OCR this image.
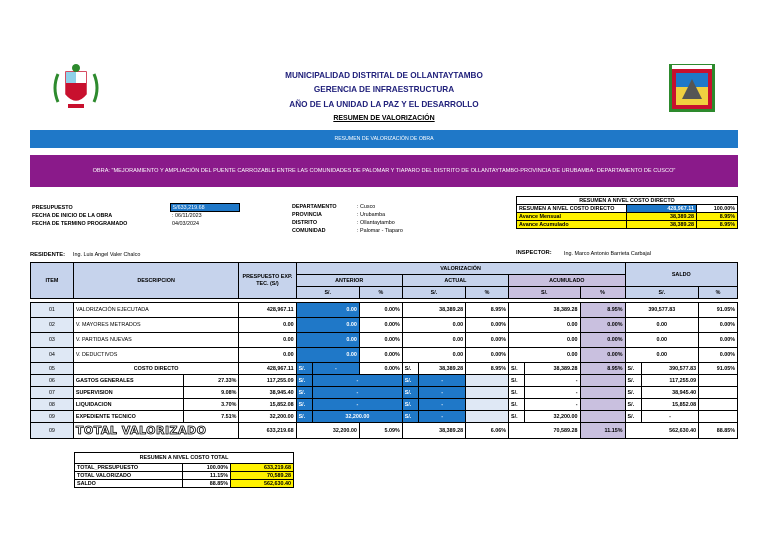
MUNICIPALIDAD DISTRITAL DE OLLANTAYTAMBO
GERENCIA DE INFRAESTRUCTURA
AÑO DE LA UNIDAD LA PAZ Y EL DESARROLLO
RESUMEN DE VALORIZACIÓN
RESUMEN DE VALORIZACIÓN DE OBRA
OBRA: "MEJORAMIENTO Y AMPLIACIÓN DEL PUENTE CARROZABLE ENTRE LAS COMUNIDADES DE PALOMAR Y TIAPARO DEL DISTRITO DE OLLANTAYTAMBO-PROVINCIA DE URUBAMBA- DEPARTAMENTO DE CUSCO"
PRESUPUESTO	S/633,219.68
FECHA DE INICIO DE LA OBRA	: 06/11/2023
FECHA DE TERMINO PROGRAMADO	04/03/2024
DEPARTAMENTO	: Cusco
PROVINCIA	: Urubamba
DISTRITO	: Ollantaytambo
COMUNIDAD	: Palomar - Tiaparo
RESUMEN A NIVEL COSTO DIRECTO		
RESUMEN A NIVEL COSTO DIRECTO	428,967.11	100.00%
Avance Mensual	38,389.28	8.95%
Avance Acumulado	38,389.28	8.95%
RESIDENTE: Ing. Luis Angel Valer Chalco	INSPECTOR: Ing. Marco Antonio Barrieta Carbajal
ITEM	DESCRIPCION		PRESPUESTO EXP. TEC. (S/)	VALORIZACIÓN									SALDO		
				ANTERIOR			ACTUAL			ACUMULADO					
				S/.		%	S/.		%	S/.		%	S/.		%

01	VALORIZACIÓN EJECUTADA		428,967.11	0.00		0.00%	38,389.28		8.95%	38,389.28		8.95%	390,577.83		91.05%
02	V. MAYORES METRADOS		0.00	0.00		0.00%	0.00		0.00%	0.00		0.00%	0.00		0.00%
03	V. PARTIDAS NUEVAS		0.00	0.00		0.00%	0.00		0.00%	0.00		0.00%	0.00		0.00%
04	V. DEDUCTIVOS		0.00	0.00		0.00%	0.00		0.00%	0.00		0.00%	0.00		0.00%
05	COSTO DIRECTO		428,967.11	S/.	-	0.00%	S/.	38,389.28	8.95%	S/.	38,389.28	8.95%	S/.	390,577.83	91.05%
06	GASTOS GENERALES	27.33%	117,255.09	S/.	-		S/.	-		S/.	-		S/.	117,255.09	
07	SUPERVISION	9.08%	38,945.40	S/.	-		S/.	-		S/.	-		S/.	38,945.40	
08	LIQUIDACION	3.70%	15,852.08	S/.	-		S/.	-		S/.	-		S/.	15,852.08	
09	EXPEDIENTE TECNICO	7.51%	32,200.00	S/.	32,200.00		S/.	-		S/.	32,200.00		S/.	-	
09	TOTAL VALORIZADO		633,219.68	32,200.00		5.09%	38,389.28		6.06%	70,589.28		11.15%	562,630.40		88.85%
RESUMEN A NIVEL COSTO TOTAL		
TOTAL_PRESUPUESTO	100.00%	633,219.68
TOTAL VALORIZADO	11.15%	70,589.28
SALDO	88.85%	562,630.40
